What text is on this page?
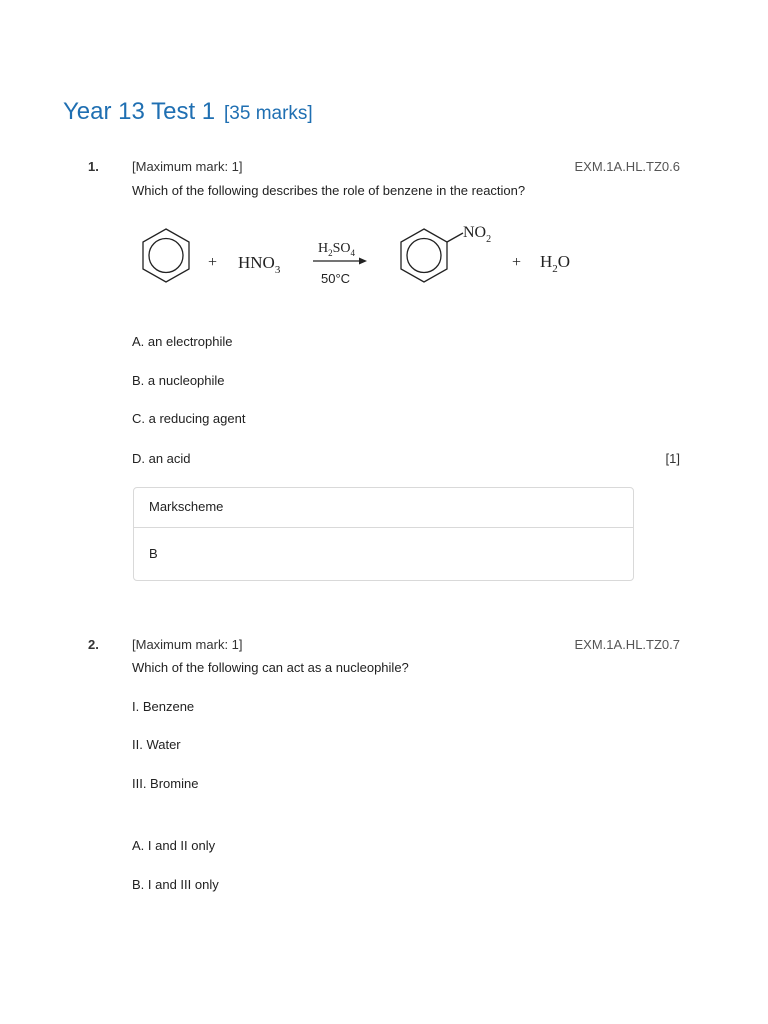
Year 13 Test 1 [35 marks]
1.	[Maximum mark: 1]	EXM.1A.HL.TZ0.6
Which of the following describes the role of benzene in the reaction?
+ $HNO_3$
$H_2SO_4$
50°C
$NO_2$
+ $H_2O$
A. an electrophile
B. a nucleophile
C. a reducing agent
D. an acid	[1]
Markscheme
B
2.	[Maximum mark: 1]	EXM.1A.HL.TZ0.7
Which of the following can act as a nucleophile?
I. Benzene
II. Water
III. Bromine
A. I and II only
B. I and III only
